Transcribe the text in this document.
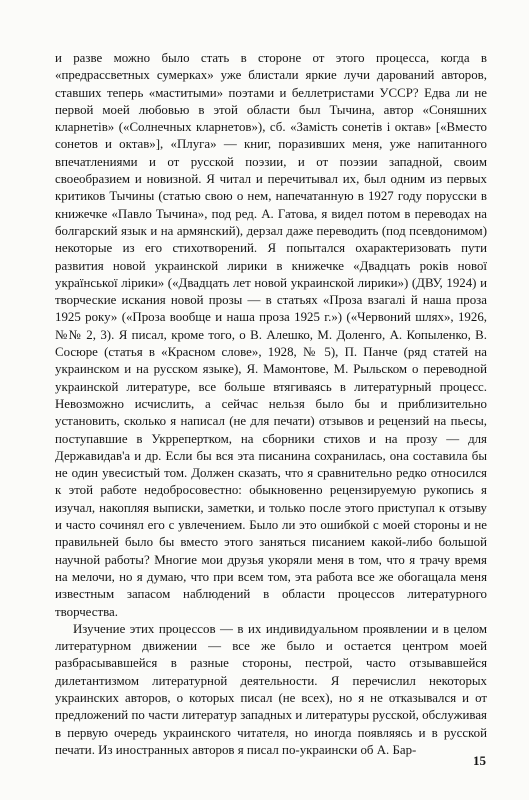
и разве можно было стать в стороне от этого процесса, когда в «предрассветных сумерках» уже блистали яркие лучи дарований авторов, ставших теперь «маститыми» поэтами и беллетристами УССР? Едва ли не первой моей любовью в этой области был Тычина, автор «Соняшних кларнетів» («Солнечных кларнетов»), сб. «Замість сонетів і октав» [«Вместо сонетов и октав»], «Плуга» — книг, поразивших меня, уже напитанного впечатлениями и от русской поэзии, и от поэзии западной, своим своеобразием и новизной. Я читал и перечитывал их, был одним из первых критиков Тычины (статью свою о нем, напечатанную в 1927 году порусски в книжечке «Павло Тычина», под ред. А. Гатова, я видел потом в переводах на болгарский язык и на армянский), дерзал даже переводить (под псевдонимом) некоторые из его стихотворений. Я попытался охарактеризовать пути развития новой украинской лирики в книжечке «Двадцать років нової української лірики» («Двадцать лет новой украинской лирики») (ДВУ, 1924) и творческие искания новой прозы — в статьях «Проза взагалі й наша проза 1925 року» («Проза вообще и наша проза 1925 г.») («Червоний шлях», 1926, №№ 2, 3). Я писал, кроме того, о В. Алешко, М. Доленго, А. Копыленко, В. Сосюре (статья в «Красном слове», 1928, № 5), П. Панче (ряд статей на украинском и на русском языке), Я. Мамонтове, М. Рыльском о переводной украинской литературе, все больше втягиваясь в литературный процесс. Невозможно исчислить, а сейчас нельзя было бы и приблизительно установить, сколько я написал (не для печати) отзывов и рецензий на пьесы, поступавшие в Укррепертком, на сборники стихов и на прозу — для Державидав'а и др. Если бы вся эта писанина сохранилась, она составила бы не один увесистый том. Должен сказать, что я сравнительно редко относился к этой работе недобросовестно: обыкновенно рецензируемую рукопись я изучал, накопляя выписки, заметки, и только после этого приступал к отзыву и часто сочинял его с увлечением. Было ли это ошибкой с моей стороны и не правильней было бы вместо этого заняться писанием какой-либо большой научной работы? Многие мои друзья укоряли меня в том, что я трачу время на мелочи, но я думаю, что при всем том, эта работа все же обогащала меня известным запасом наблюдений в области процессов литературного творчества.

Изучение этих процессов — в их индивидуальном проявлении и в целом литературном движении — все же было и остается центром моей разбрасывавшейся в разные стороны, пестрой, часто отзывавшейся дилетантизмом литературной деятельности. Я перечислил некоторых украинских авторов, о которых писал (не всех), но я не отказывался и от предложений по части литератур западных и литературы русской, обслуживая в первую очередь украинского читателя, но иногда появляясь и в русской печати. Из иностранных авторов я писал по-украински об А. Бар-

15
